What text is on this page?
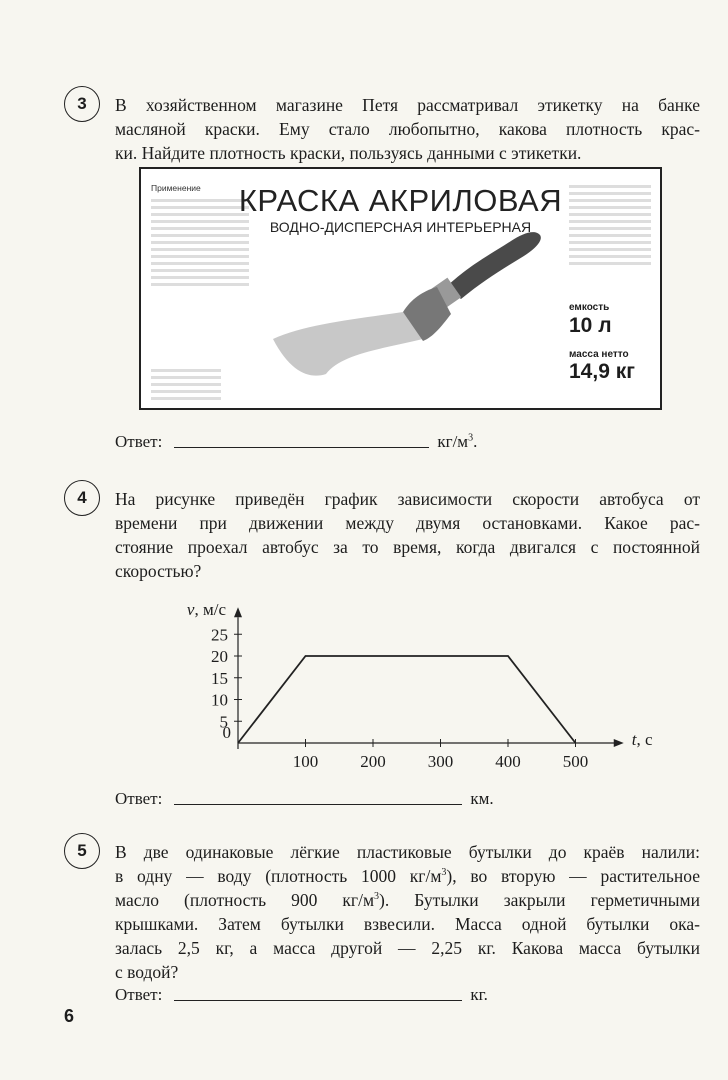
3 В хозяйственном магазине Петя рассматривал этикетку на банке
масляной краски. Ему стало любопытно, какова плотность крас-
ки. Найдите плотность краски, пользуясь данными с этикетки.

Применение	КРАСКА АКРИЛОВАЯ
ВОДНО-ДИСПЕРСНАЯ ИНТЕРЬЕРНАЯ
емкость
10 л
масса нетто
14,9 кг
Ответ:	$кг/м^3$.
4 На рисунке приведён график зависимости скорости автобуса от
времени при движении между двумя остановками. Какое рас-
стояние проехал автобус за то время, когда двигался с постоянной
скоростью?

100 200 300 400 500
5
10
15
20
25
0	t, с
v, м/с
Ответ:	км.
5 В две одинаковые лёгкие пластиковые бутылки до краёв налили:
в одну — воду (плотность 1000 $кг/м^3$), во вторую — растительное
масло (плотность 900 $кг/м^3$). Бутылки закрыли герметичными
крышками. Затем бутылки взвесили. Масса одной бутылки ока-
залась 2,5 кг, а масса другой — 2,25 кг. Какова масса бутылки
с водой?

Ответ:	кг.
6
